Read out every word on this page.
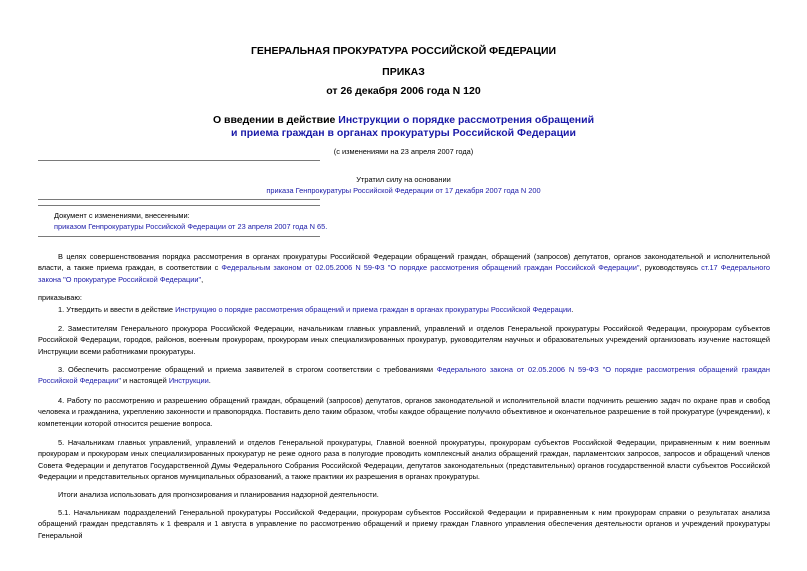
ГЕНЕРАЛЬНАЯ ПРОКУРАТУРА РОССИЙСКОЙ ФЕДЕРАЦИИ
ПРИКАЗ
от 26 декабря 2006 года N 120
О введении в действие Инструкции о порядке рассмотрения обращений
и приема граждан в органах прокуратуры Российской Федерации
(с изменениями на 23 апреля 2007 года)
Утратил силу на основании
приказа Генпрокуратуры Российской Федерации от 17 декабря 2007 года N 200
Документ с изменениями, внесенными:
приказом Генпрокуратуры Российской Федерации от 23 апреля 2007 года N 65.
В целях совершенствования порядка рассмотрения в органах прокуратуры Российской Федерации обращений граждан, обращений (запросов) депутатов, органов законодательной и исполнительной власти, а также приема граждан, в соответствии с Федеральным законом от 02.05.2006 N 59-ФЗ "О порядке рассмотрения обращений граждан Российской Федерации", руководствуясь ст.17 Федерального закона "О прокуратуре Российской Федерации",
приказываю:
1. Утвердить и ввести в действие Инструкцию о порядке рассмотрения обращений и приема граждан в органах прокуратуры Российской Федерации.
2. Заместителям Генерального прокурора Российской Федерации, начальникам главных управлений, управлений и отделов Генеральной прокуратуры Российской Федерации, прокурорам субъектов Российской Федерации, городов, районов, военным прокурорам, прокурорам иных специализированных прокуратур, руководителям научных и образовательных учреждений организовать изучение настоящей Инструкции всеми работниками прокуратуры.
3. Обеспечить рассмотрение обращений и приема заявителей в строгом соответствии с требованиями Федерального закона от 02.05.2006 N 59-ФЗ "О порядке рассмотрения обращений граждан Российской Федерации" и настоящей Инструкции.
4. Работу по рассмотрению и разрешению обращений граждан, обращений (запросов) депутатов, органов законодательной и исполнительной власти подчинить решению задач по охране прав и свобод человека и гражданина, укреплению законности и правопорядка. Поставить дело таким образом, чтобы каждое обращение получило объективное и окончательное разрешение в той прокуратуре (учреждении), к компетенции которой относится решение вопроса.
5. Начальникам главных управлений, управлений и отделов Генеральной прокуратуры, Главной военной прокуратуры, прокурорам субъектов Российской Федерации, приравненным к ним военным прокурорам и прокурорам иных специализированных прокуратур не реже одного раза в полугодие проводить комплексный анализ обращений граждан, парламентских запросов, запросов и обращений членов Совета Федерации и депутатов Государственной Думы Федерального Собрания Российской Федерации, депутатов законодательных (представительных) органов государственной власти субъектов Российской Федерации и представительных органов муниципальных образований, а также практики их разрешения в органах прокуратуры.
Итоги анализа использовать для прогнозирования и планирования надзорной деятельности.
5.1. Начальникам подразделений Генеральной прокуратуры Российской Федерации, прокурорам субъектов Российской Федерации и приравненным к ним прокурорам справки о результатах анализа обращений граждан представлять к 1 февраля и 1 августа в управление по рассмотрению обращений и приему граждан Главного управления обеспечения деятельности органов и учреждений прокуратуры Генеральной
